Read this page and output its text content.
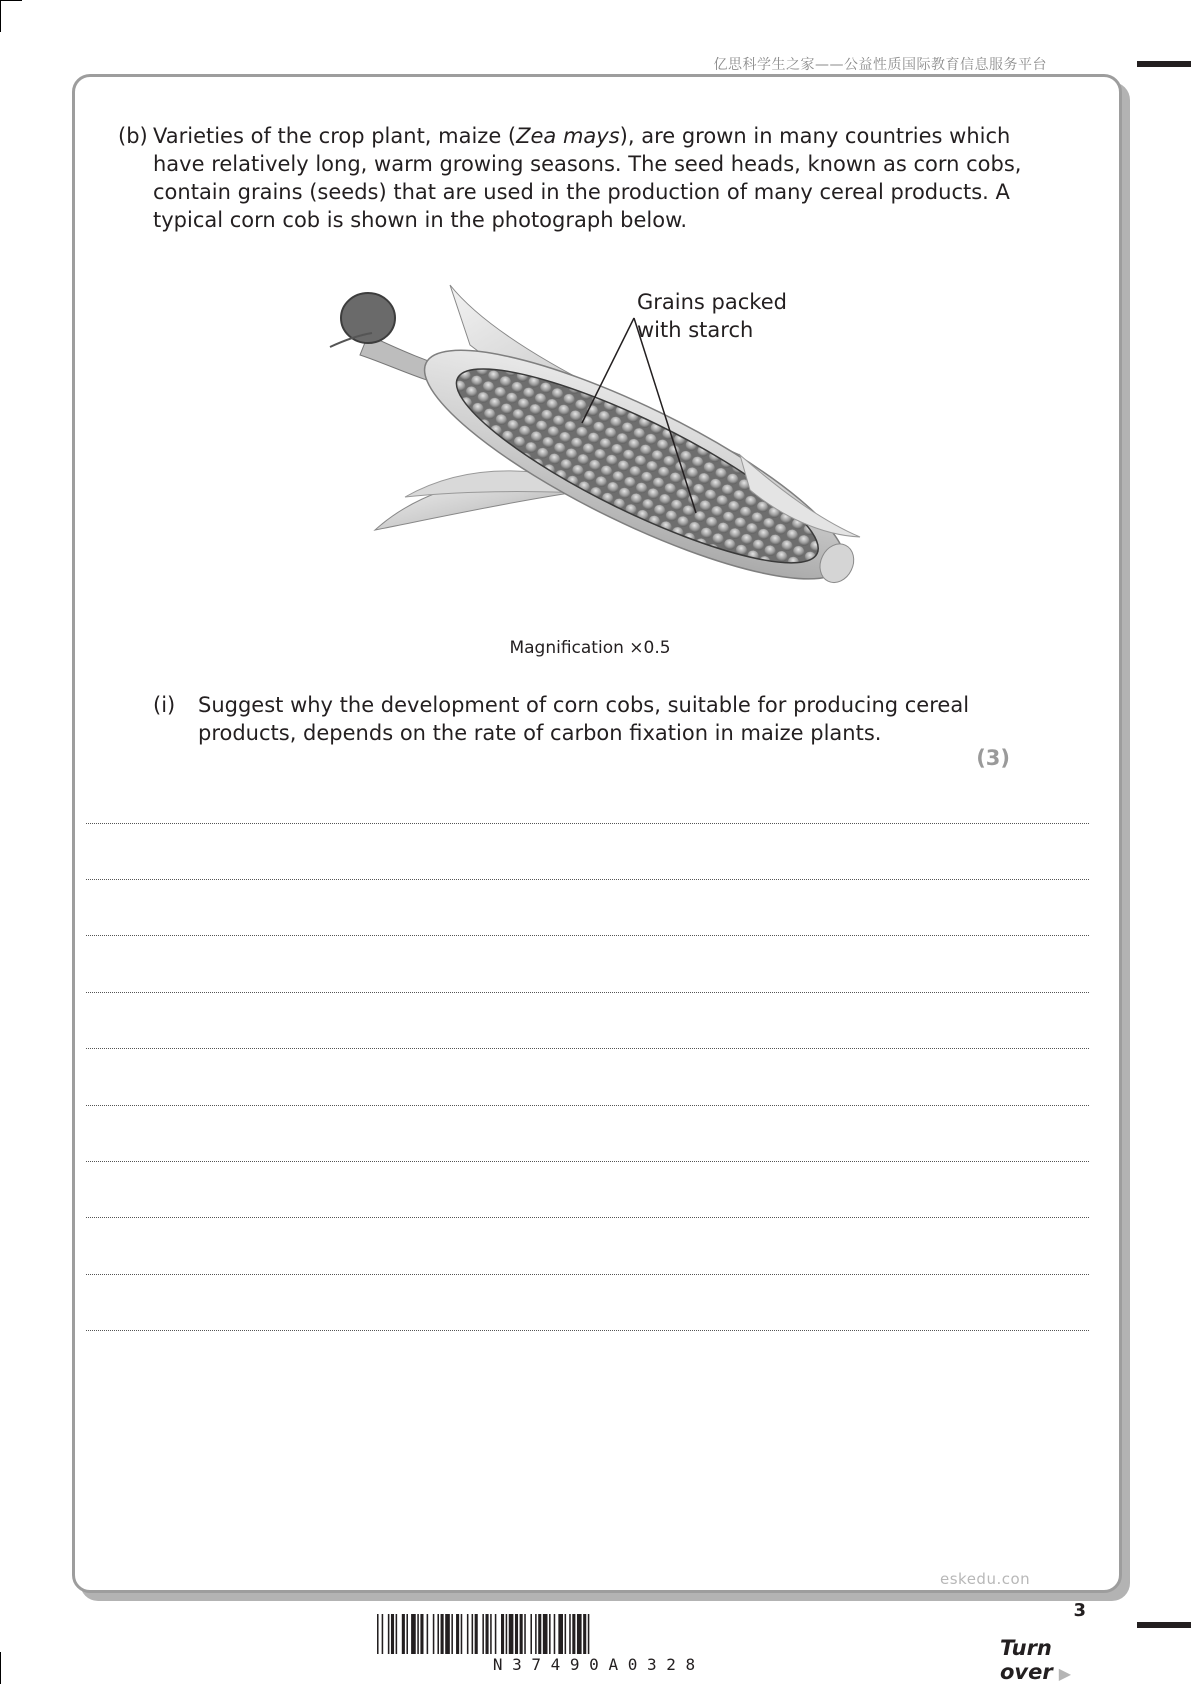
亿思科学生之家——公益性质国际教育信息服务平台
(b) Varieties of the crop plant, maize (Zea mays), are grown in many countries which have relatively long, warm growing seasons. The seed heads, known as corn cobs, contain grains (seeds) that are used in the production of many cereal products. A typical corn cob is shown in the photograph below.
Grains packed
with starch
Magnification ×0.5
(i) Suggest why the development of corn cobs, suitable for producing cereal products, depends on the rate of carbon fixation in maize plants.
(3)
eskedu.con
3
N 3 7 4 9 0 A 0 3 2 8
Turn over ▶
